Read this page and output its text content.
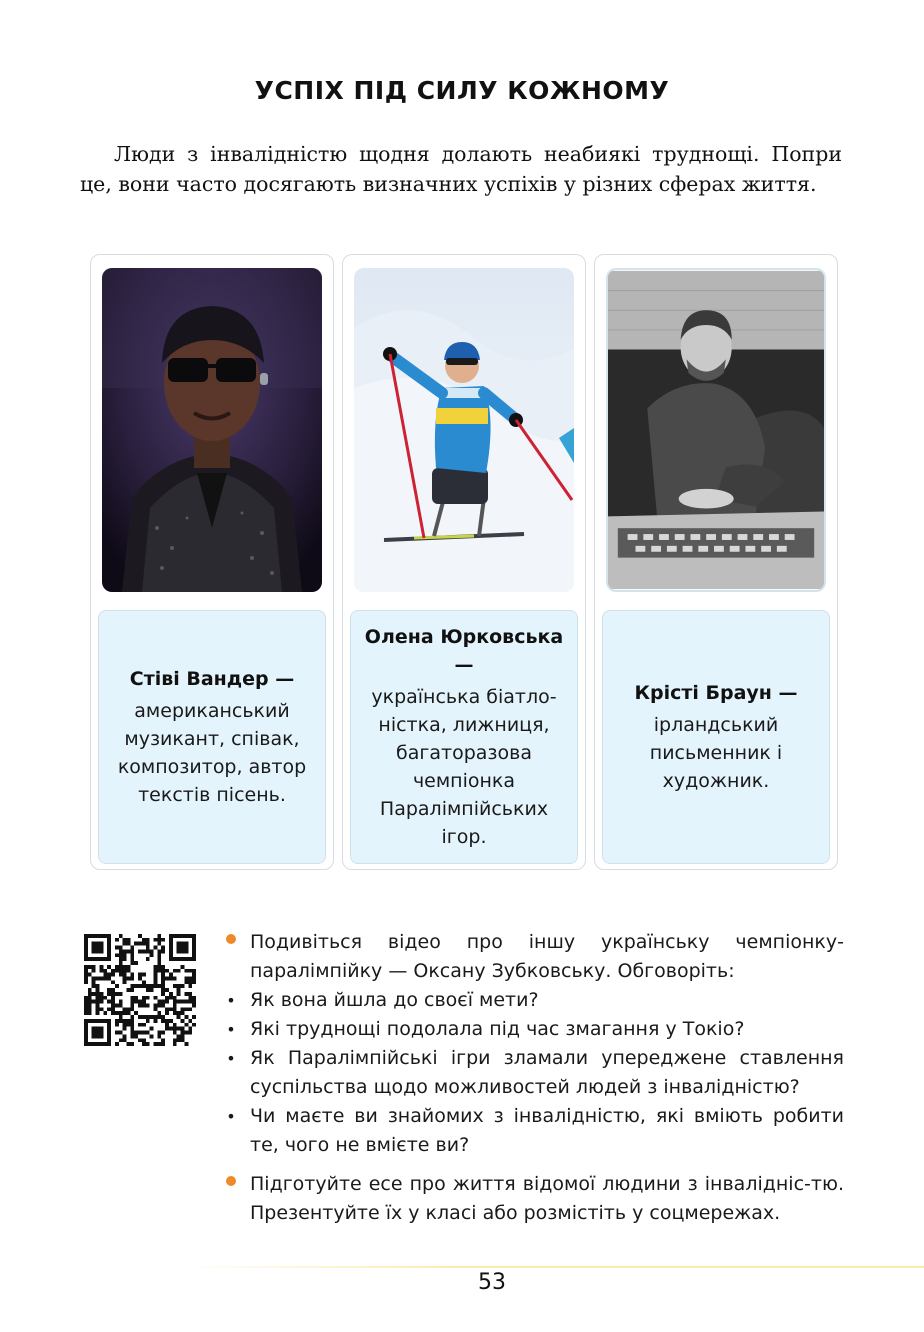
УСПІХ ПІД СИЛУ КОЖНОМУ

Люди з інвалідністю щодня долають неабиякі труднощі. Попри це, вони часто досягають визначних успіхів у різних сферах життя.

Стіві Вандер —
американський музикант, співак, композитор, автор текстів пісень.
Олена Юрковська —
українська біатло-ністка, лижниця, багаторазова чемпіонка Паралімпійських ігор.
Крісті Браун —
ірландський письменник і художник.
Подивіться відео про іншу українську чемпіонку-паралімпійку — Оксану Зубковську. Обговоріть:
• Як вона йшла до своєї мети?
• Які труднощі подолала під час змагання у Токіо?
• Як Паралімпійські ігри зламали упереджене ставлення суспільства щодо можливостей людей з інвалідністю?
• Чи маєте ви знайомих з інвалідністю, які вміють робити те, чого не вмієте ви?
Підготуйте есе про життя відомої людини з інвалідніс-тю. Презентуйте їх у класі або розмістіть у соцмережах.
53
